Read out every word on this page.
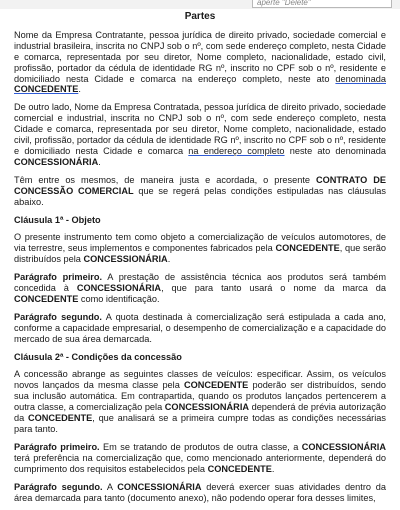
aperte "Delete"
Partes

Nome da Empresa Contratante, pessoa jurídica de direito privado, sociedade comercial e industrial brasileira, inscrita no CNPJ sob o nº, com sede endereço completo, nesta Cidade e comarca, representada por seu diretor, Nome completo, nacionalidade, estado civil, profissão, portador da cédula de identidade RG nº, inscrito no CPF sob o nº, residente e domiciliado nesta Cidade e comarca na endereço completo, neste ato denominada CONCEDENTE.

De outro lado, Nome da Empresa Contratada, pessoa jurídica de direito privado, sociedade comercial e industrial, inscrita no CNPJ sob o nº, com sede endereço completo, nesta Cidade e comarca, representada por seu diretor, Nome completo, nacionalidade, estado civil, profissão, portador da cédula de identidade RG nº, inscrito no CPF sob o nº, residente e domiciliado nesta Cidade e comarca na endereço completo neste ato denominada CONCESSIONÁRIA.

Têm entre os mesmos, de maneira justa e acordada, o presente CONTRATO DE CONCESSÃO COMERCIAL que se regerá pelas condições estipuladas nas cláusulas abaixo.

Cláusula 1ª - Objeto

O presente instrumento tem como objeto a comercialização de veículos automotores, de via terrestre, seus implementos e componentes fabricados pela CONCEDENTE, que serão distribuídos pela CONCESSIONÁRIA.

Parágrafo primeiro. A prestação de assistência técnica aos produtos será também concedida à CONCESSIONÁRIA, que para tanto usará o nome da marca da CONCEDENTE como identificação.

Parágrafo segundo. A quota destinada à comercialização será estipulada a cada ano, conforme a capacidade empresarial, o desempenho de comercialização e a capacidade do mercado de sua área demarcada.

Cláusula 2ª - Condições da concessão

A concessão abrange as seguintes classes de veículos: especificar. Assim, os veículos novos lançados da mesma classe pela CONCEDENTE poderão ser distribuídos, sendo sua inclusão automática. Em contrapartida, quando os produtos lançados pertencerem a outra classe, a comercialização pela CONCESSIONÁRIA dependerá de prévia autorização da CONCEDENTE, que analisará se a primeira cumpre todas as condições necessárias para tanto.

Parágrafo primeiro. Em se tratando de produtos de outra classe, a CONCESSIONÁRIA terá preferência na comercialização que, como mencionado anteriormente, dependerá do cumprimento dos requisitos estabelecidos pela CONCEDENTE.

Parágrafo segundo. A CONCESSIONÁRIA deverá exercer suas atividades dentro da área demarcada para tanto (documento anexo), não podendo operar fora desses limites,
